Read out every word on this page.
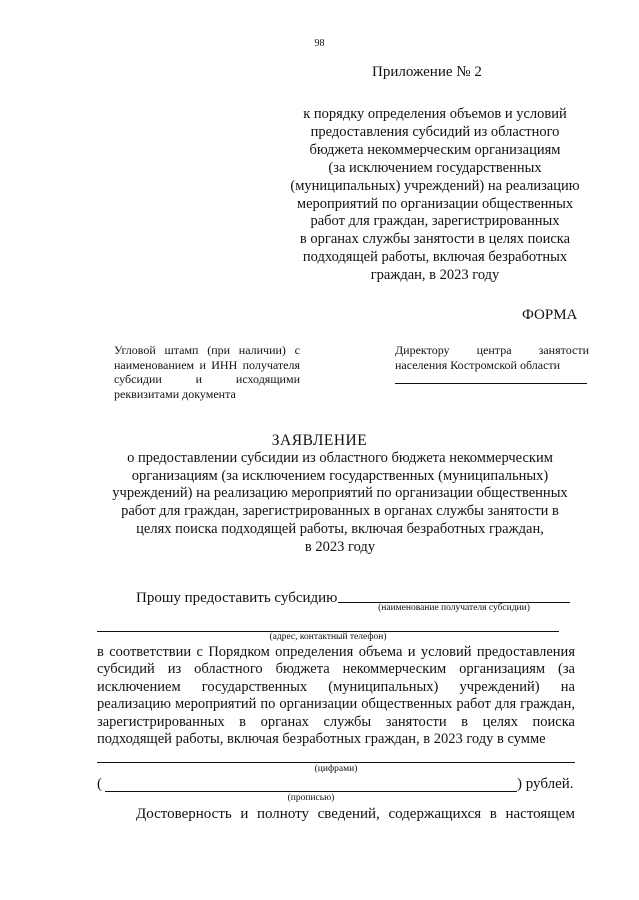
98
Приложение № 2
к порядку определения объемов и условий
предоставления субсидий из областного
бюджета некоммерческим организациям
(за исключением государственных
(муниципальных) учреждений) на реализацию
мероприятий по организации общественных
работ для граждан, зарегистрированных
в органах службы занятости в целях поиска
подходящей работы, включая безработных
граждан, в 2023 году
ФОРМА
Угловой штамп (при наличии) с наименованием и ИНН получателя субсидии и исходящими реквизитами документа
Директору центра занятости
населения Костромской области
ЗАЯВЛЕНИЕ
о предоставлении субсидии из областного бюджета некоммерческим
организациям (за исключением государственных (муниципальных)
учреждений) на реализацию мероприятий по организации общественных
работ для граждан, зарегистрированных в органах службы занятости в
целях поиска подходящей работы, включая безработных граждан,
в 2023 году
Прошу предоставить субсидию
(наименование получателя субсидии)
(адрес, контактный телефон)
в соответствии с Порядком определения объема и условий предоставления субсидий из областного бюджета некоммерческим организациям (за исключением государственных (муниципальных) учреждений) на реализацию мероприятий по организации общественных работ для граждан, зарегистрированных в органах службы занятости в целях поиска подходящей работы, включая безработных граждан, в 2023 году в сумме
(цифрами)
(	) рублей.
(прописью)
Достоверность и полноту сведений, содержащихся в настоящем
